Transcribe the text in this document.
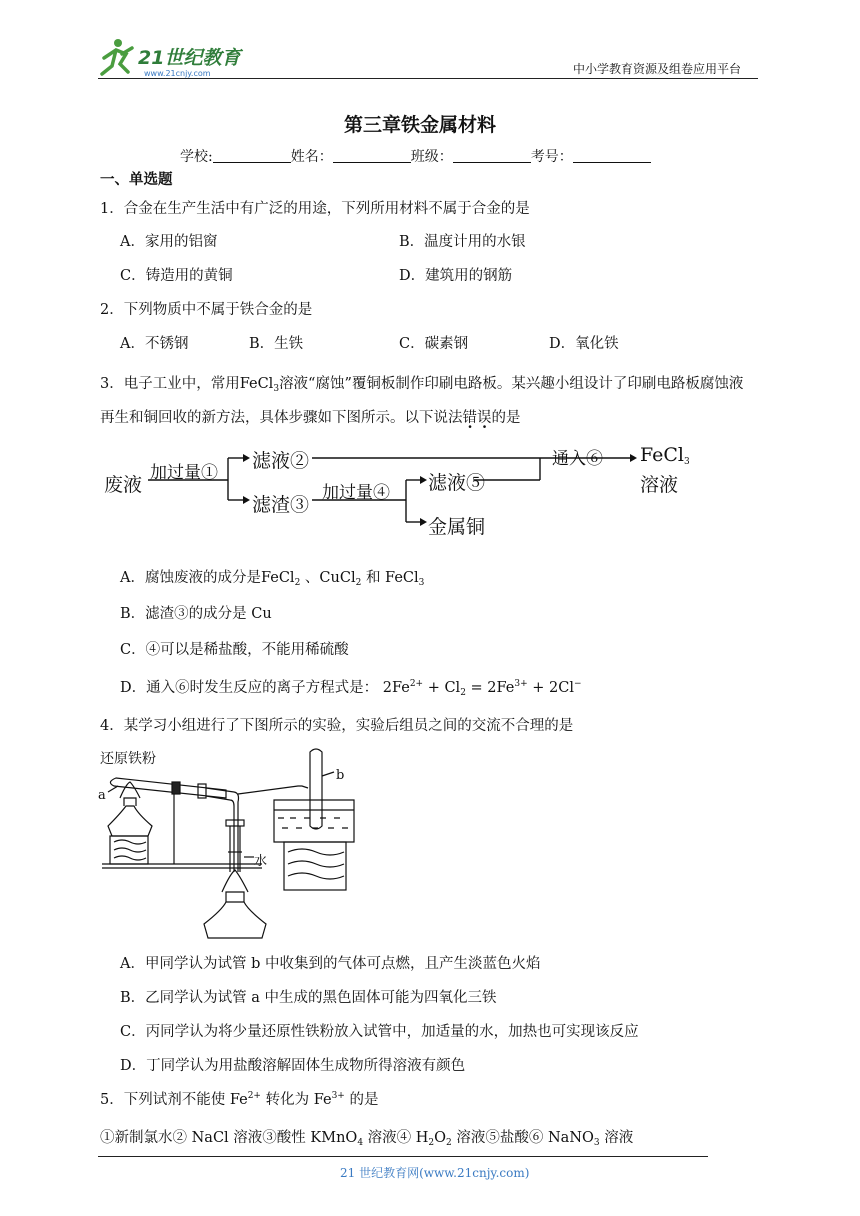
21世纪教育
www.21cnjy.com	中小学教育资源及组卷应用平台
第三章铁金属材料
学校:	姓名：	班级：	考号：
一、单选题
1．合金在生产生活中有广泛的用途，下列所用材料不属于合金的是
A．家用的铝窗	B．温度计用的水银
C．铸造用的黄铜	D．建筑用的钢筋
2．下列物质中不属于铁合金的是
A．不锈钢	B．生铁	C．碳素钢	D．氧化铁
3．电子工业中，常用FeCl$_3$溶液“腐蚀”覆铜板制作印刷电路板。某兴趣小组设计了印刷电路板腐蚀液
再生和铜回收的新方法，具体步骤如下图所示。以下说法错误的是
废液
加过量①
滤液②
滤渣③
加过量④ 滤液⑤
金属铜
通入⑥ FeCl$_3$
溶液
A．腐蚀废液的成分是FeCl$_2$ 、CuCl$_2$ 和 FeCl$_3$
B．滤渣③的成分是 Cu
C．④可以是稀盐酸，不能用稀硫酸
D．通入⑥时发生反应的离子方程式是： $2Fe^{2+} + Cl_2 = 2Fe^{3+} + 2Cl^-$
4．某学习小组进行了下图所示的实验，实验后组员之间的交流不合理的是
还原铁粉
a
b
水
A．甲同学认为试管 b 中收集到的气体可点燃，且产生淡蓝色火焰
B．乙同学认为试管 a 中生成的黑色固体可能为四氧化三铁
C．丙同学认为将少量还原性铁粉放入试管中，加适量的水，加热也可实现该反应
D．丁同学认为用盐酸溶解固体生成物所得溶液有颜色
5．下列试剂不能使 $Fe^{2+}$ 转化为 $Fe^{3+}$ 的是
①新制氯水② NaCl 溶液③酸性 KMnO$_4$ 溶液④ $H_2O_2$ 溶液⑤盐酸⑥ NaNO$_3$ 溶液
21 世纪教育网(www.21cnjy.com)
